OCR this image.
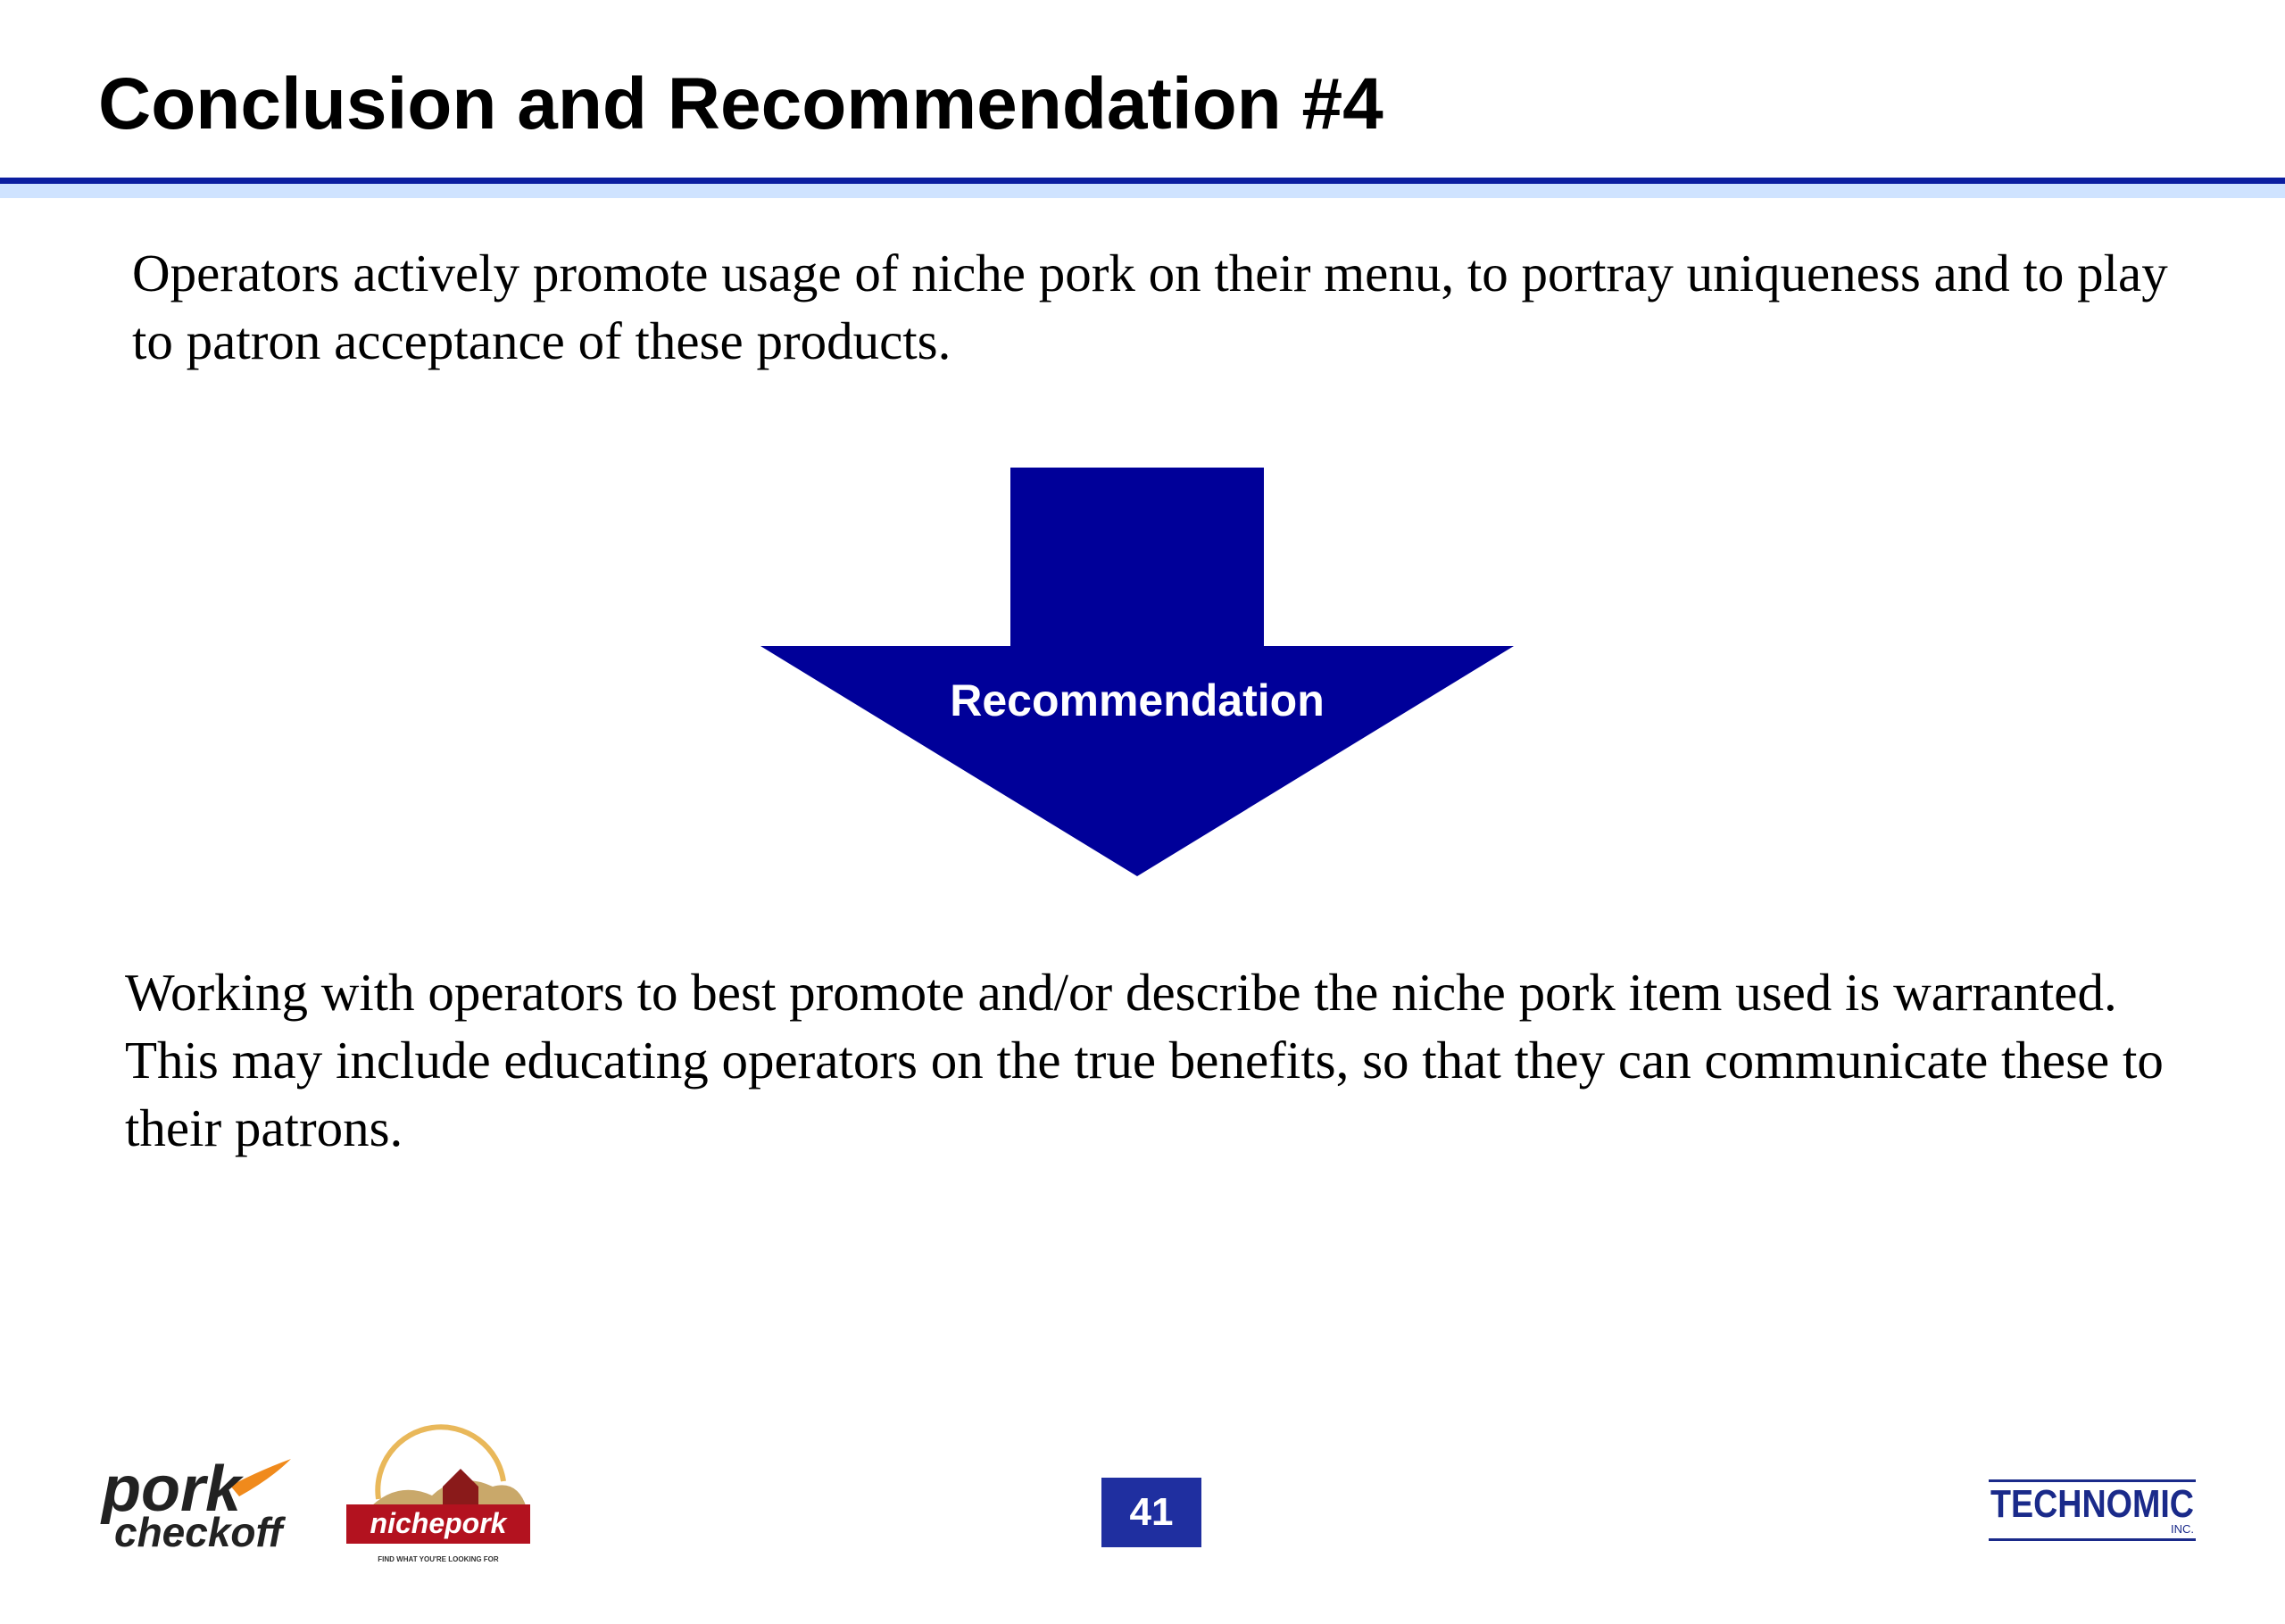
Conclusion and Recommendation #4

Operators actively promote usage of niche pork on their menu, to portray uniqueness and to play to patron acceptance of these products.

Recommendation

Working with operators to best promote and/or describe the niche pork item used is warranted. This may include educating operators on the true benefits, so that they can communicate these to their patrons.

pork
checkoff	nichepork
FIND WHAT YOU'RE LOOKING FOR
41	TECHNOMIC
INC.
